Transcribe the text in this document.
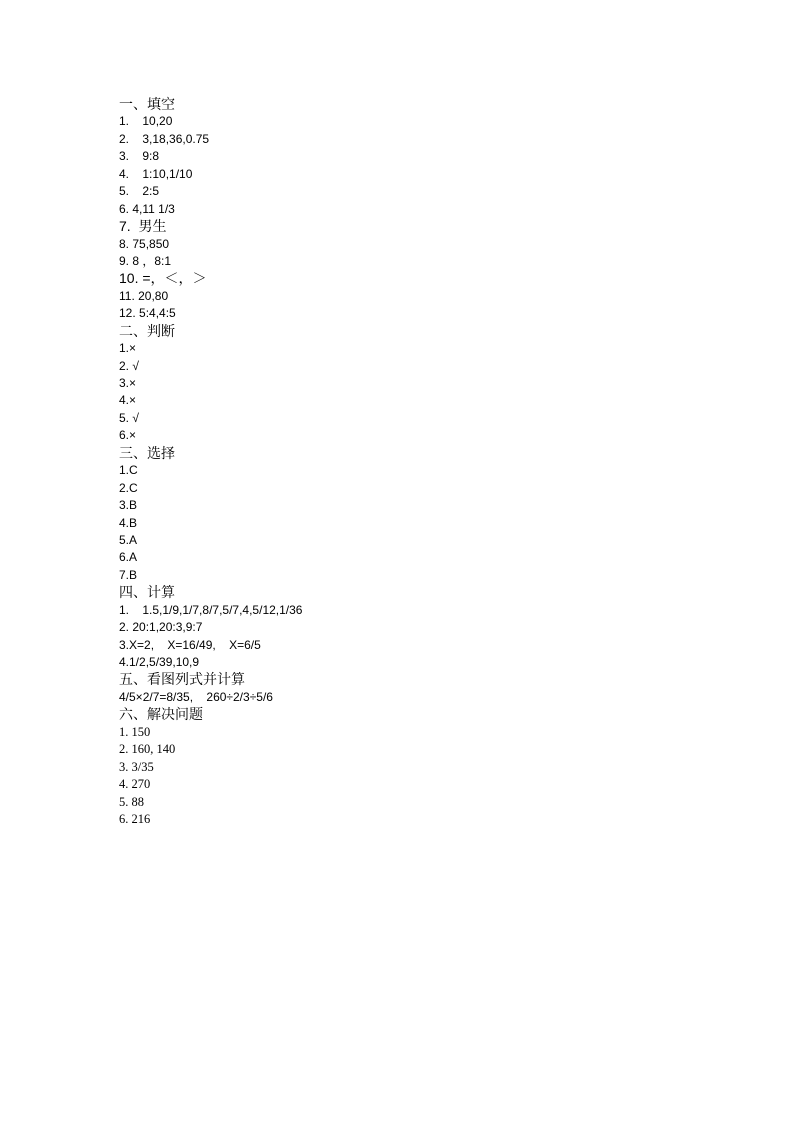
一、填空
1.    10,20
2.    3,18,36,0.75
3.    9:8
4.    1:10,1/10
5.    2:5
6. 4,11 1/3
7.  男生
8. 75,850
9. 8 ，8:1
10. =，＜，＞
11. 20,80
12. 5:4,4:5
二、判断
1.×
2. √
3.×
4.×
5. √
6.×
三、选择
1.C
2.C
3.B
4.B
5.A
6.A
7.B
四、计算
1.    1.5,1/9,1/7,8/7,5/7,4,5/12,1/36
2. 20:1,20:3,9:7
3.X=2,    X=16/49,    X=6/5
4.1/2,5/39,10,9
五、看图列式并计算
4/5×2/7=8/35,    260÷2/3÷5/6
六、解决问题
1. 150
2. 160, 140
3. 3/35
4. 270
5. 88
6. 216
